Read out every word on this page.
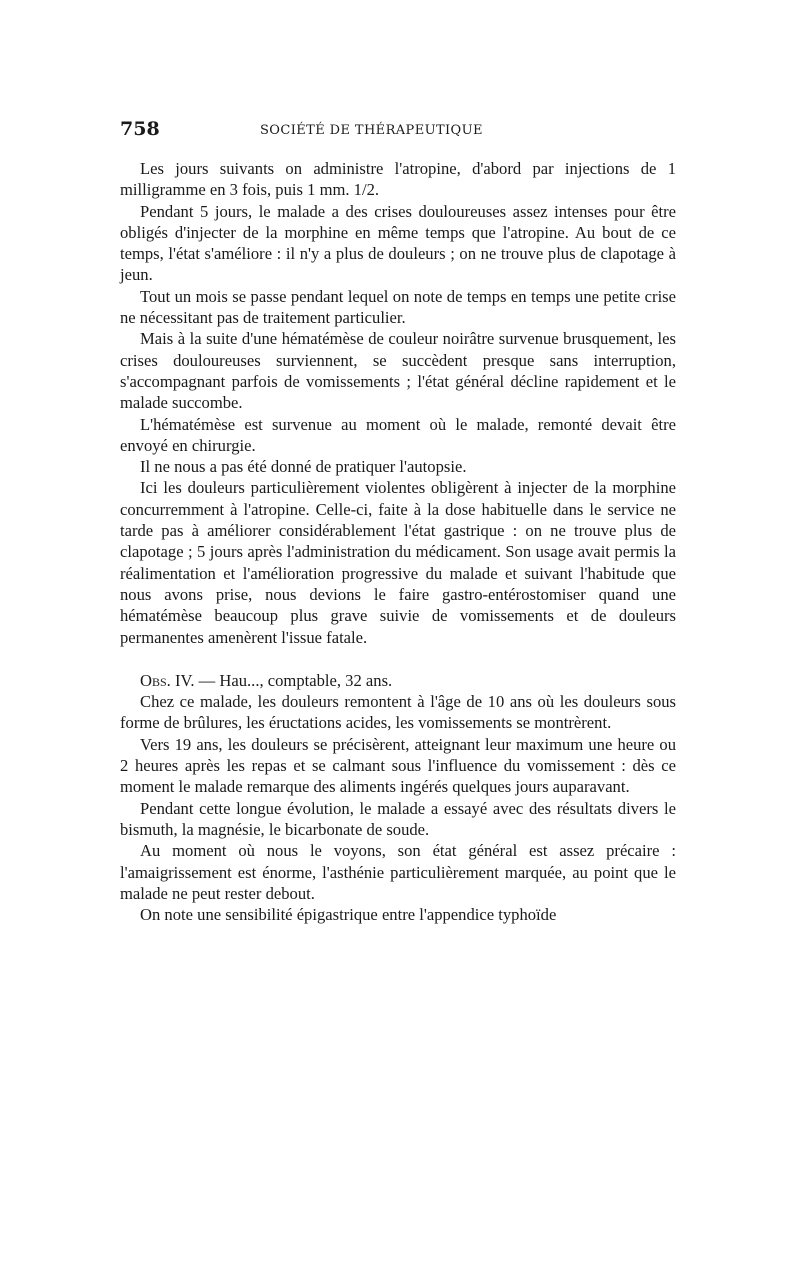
758	SOCIÉTÉ DE THÉRAPEUTIQUE

Les jours suivants on administre l'atropine, d'abord par injections de 1 milligramme en 3 fois, puis 1 mm. 1/2.

Pendant 5 jours, le malade a des crises douloureuses assez intenses pour être obligés d'injecter de la morphine en même temps que l'atropine. Au bout de ce temps, l'état s'améliore : il n'y a plus de douleurs ; on ne trouve plus de clapotage à jeun.

Tout un mois se passe pendant lequel on note de temps en temps une petite crise ne nécessitant pas de traitement particulier.

Mais à la suite d'une hématémèse de couleur noirâtre survenue brusquement, les crises douloureuses surviennent, se succèdent presque sans interruption, s'accompagnant parfois de vomissements ; l'état général décline rapidement et le malade succombe.

L'hématémèse est survenue au moment où le malade, remonté devait être envoyé en chirurgie.

Il ne nous a pas été donné de pratiquer l'autopsie.

Ici les douleurs particulièrement violentes obligèrent à injecter de la morphine concurremment à l'atropine. Celle-ci, faite à la dose habituelle dans le service ne tarde pas à améliorer considérablement l'état gastrique : on ne trouve plus de clapotage ; 5 jours après l'administration du médicament. Son usage avait permis la réalimentation et l'amélioration progressive du malade et suivant l'habitude que nous avons prise, nous devions le faire gastro-entérostomiser quand une hématémèse beaucoup plus grave suivie de vomissements et de douleurs permanentes amenèrent l'issue fatale.

Obs. IV. — Hau..., comptable, 32 ans.

Chez ce malade, les douleurs remontent à l'âge de 10 ans où les douleurs sous forme de brûlures, les éructations acides, les vomissements se montrèrent.

Vers 19 ans, les douleurs se précisèrent, atteignant leur maximum une heure ou 2 heures après les repas et se calmant sous l'influence du vomissement : dès ce moment le malade remarque des aliments ingérés quelques jours auparavant.

Pendant cette longue évolution, le malade a essayé avec des résultats divers le bismuth, la magnésie, le bicarbonate de soude.

Au moment où nous le voyons, son état général est assez précaire : l'amaigrissement est énorme, l'asthénie particulièrement marquée, au point que le malade ne peut rester debout.

On note une sensibilité épigastrique entre l'appendice typhoïde
